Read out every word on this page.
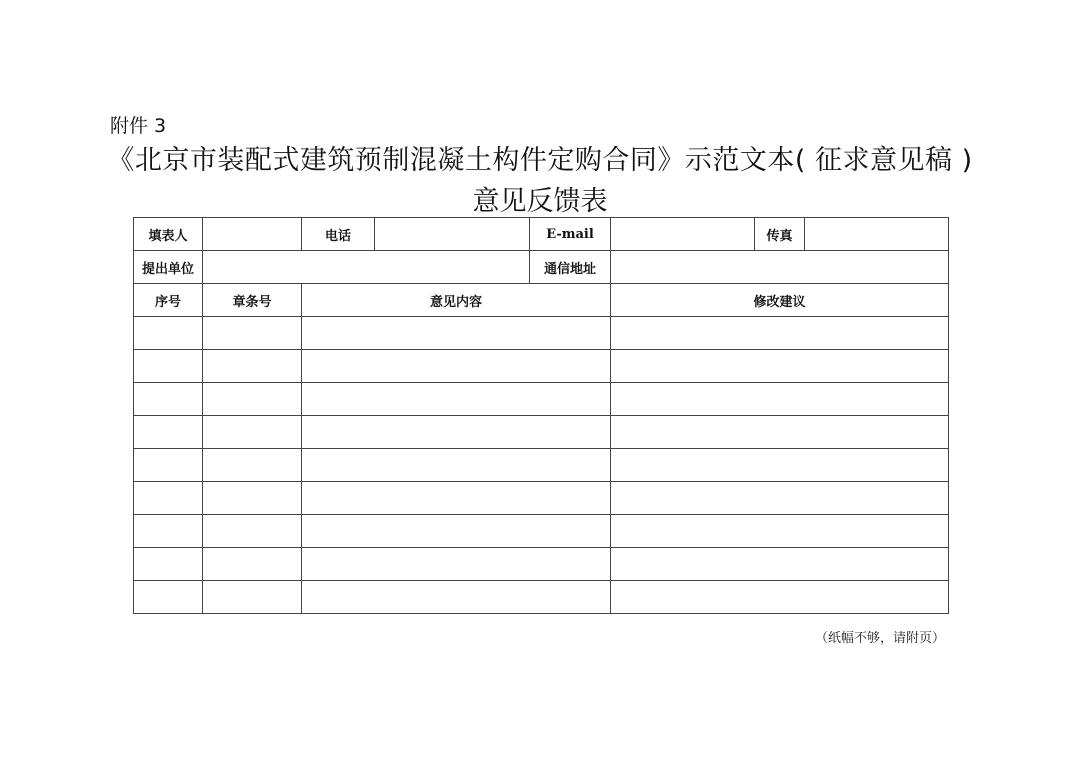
附件 3
《北京市装配式建筑预制混凝土构件定购合同》示范文本( 征求意见稿 )
意见反馈表
填表人		电话		E-mail		传真	
提出单位				通信地址			
序号	章条号	意见内容			修改建议		

（纸幅不够，请附页）
